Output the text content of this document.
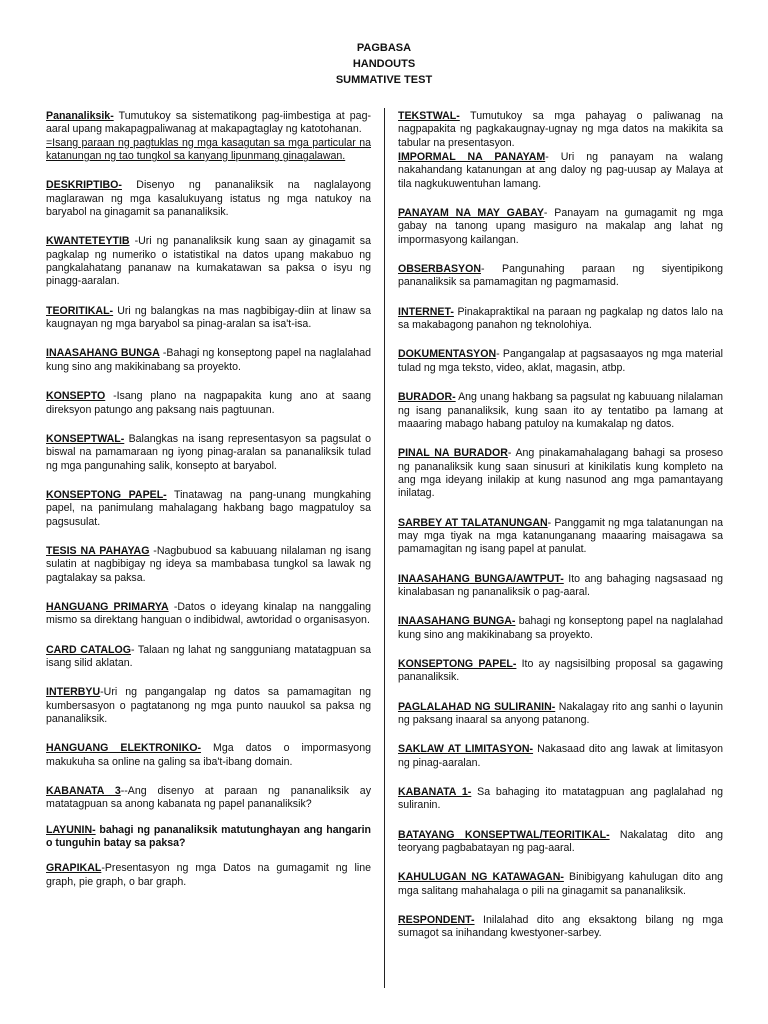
PAGBASA
HANDOUTS
SUMMATIVE TEST

Pananaliksik- Tumutukoy sa sistematikong pag-iimbestiga at pag-aaral upang makapagpaliwanag at makapagtaglay ng katotohanan.
=Isang paraan ng pagtuklas ng mga kasagutan sa mga particular na katanungan ng tao tungkol sa kanyang lipunmang ginagalawan.

DESKRIPTIBO- Disenyo ng pananaliksik na naglalayong maglarawan ng mga kasalukuyang istatus ng mga natukoy na baryabol na ginagamit sa pananaliksik.

KWANTETEYTIB -Uri ng pananaliksik kung saan ay ginagamit sa pagkalap ng numeriko o istatistikal na datos upang makabuo ng pangkalahatang pananaw na kumakatawan sa paksa o isyu ng pinagg-aaralan.

TEORITIKAL- Uri ng balangkas na mas nagbibigay-diin at linaw sa kaugnayan ng mga baryabol sa pinag-aralan sa isa't-isa.

INAASAHANG BUNGA -Bahagi ng konseptong papel na naglalahad kung sino ang makikinabang sa proyekto.

KONSEPTO -Isang plano na nagpapakita kung ano at saang direksyon patungo ang paksang nais pagtuunan.

KONSEPTWAL- Balangkas na isang representasyon sa pagsulat o biswal na pamamaraan ng iyong pinag-aralan sa pananaliksik tulad ng mga pangunahing salik, konsepto at baryabol.

KONSEPTONG PAPEL- Tinatawag na pang-unang mungkahing papel, na panimulang mahalagang hakbang bago magpatuloy sa pagsusulat.

TESIS NA PAHAYAG -Nagbubuod sa kabuuang nilalaman ng isang sulatin at nagbibigay ng ideya sa mambabasa tungkol sa lawak ng pagtalakay sa paksa.

HANGUANG PRIMARYA -Datos o ideyang kinalap na nanggaling mismo sa direktang hanguan o indibidwal, awtoridad o organisasyon.

CARD CATALOG- Talaan ng lahat ng sangguniang matatagpuan sa isang silid aklatan.

INTERBYU-Uri ng pangangalap ng datos sa pamamagitan ng kumbersasyon o pagtatanong ng mga punto nauukol sa paksa ng pananaliksik.

HANGUANG ELEKTRONIKO- Mga datos o impormasyong makukuha sa online na galing sa iba't-ibang domain.

KABANATA 3--Ang disenyo at paraan ng pananaliksik ay matatagpuan sa anong kabanata ng papel pananaliksik?

LAYUNIN- bahagi ng pananaliksik matutunghayan ang hangarin o tunguhin batay sa paksa?

GRAPIKAL-Presentasyon ng mga Datos na gumagamit ng line graph, pie graph, o bar graph.

TEKSTWAL- Tumutukoy sa mga pahayag o paliwanag na nagpapakita ng pagkakaugnay-ugnay ng mga datos na makikita sa tabular na presentasyon.

IMPORMAL NA PANAYAM- Uri ng panayam na walang nakahandang katanungan at ang daloy ng pag-uusap ay Malaya at tila nagkukuwentuhan lamang.

PANAYAM NA MAY GABAY- Panayam na gumagamit ng mga gabay na tanong upang masiguro na makalap ang lahat ng impormasyong kailangan.

OBSERBASYON- Pangunahing paraan ng siyentipikong pananaliksik sa pamamagitan ng pagmamasid.

INTERNET- Pinakapraktikal na paraan ng pagkalap ng datos lalo na sa makabagong panahon ng teknolohiya.

DOKUMENTASYON- Pangangalap at pagsasaayos ng mga material tulad ng mga teksto, video, aklat, magasin, atbp.

BURADOR- Ang unang hakbang sa pagsulat ng kabuuang nilalaman ng isang pananaliksik, kung saan ito ay tentatibo pa lamang at maaaring mabago habang patuloy na kumakalap ng datos.

PINAL NA BURADOR- Ang pinakamahalagang bahagi sa proseso ng pananaliksik kung saan sinusuri at kinikilatis kung kompleto na ang mga ideyang inilakip at kung nasunod ang mga pamantayang inilatag.

SARBEY AT TALATANUNGAN- Panggamit ng mga talatanungan na may mga tiyak na mga katanunganang maaaring maisagawa sa pamamagitan ng isang papel at panulat.

INAASAHANG BUNGA/AWTPUT- Ito ang bahaging nagsasaad ng kinalabasan ng pananaliksik o pag-aaral.

INAASAHANG BUNGA- bahagi ng konseptong papel na naglalahad kung sino ang makikinabang sa proyekto.

KONSEPTONG PAPEL- Ito ay nagsisilbing proposal sa gagawing pananaliksik.

PAGLALAHAD NG SULIRANIN- Nakalagay rito ang sanhi o layunin ng paksang inaaral sa anyong patanong.

SAKLAW AT LIMITASYON- Nakasaad dito ang lawak at limitasyon ng pinag-aaralan.

KABANATA 1- Sa bahaging ito matatagpuan ang paglalahad ng suliranin.

BATAYANG KONSEPTWAL/TEORITIKAL- Nakalatag dito ang teoryang pagbabatayan ng pag-aaral.

KAHULUGAN NG KATAWAGAN- Binibigyang kahulugan dito ang mga salitang mahahalaga o pili na ginagamit sa pananaliksik.

RESPONDENT- Inilalahad dito ang eksaktong bilang ng mga sumagot sa inihandang kwestyoner-sarbey.
